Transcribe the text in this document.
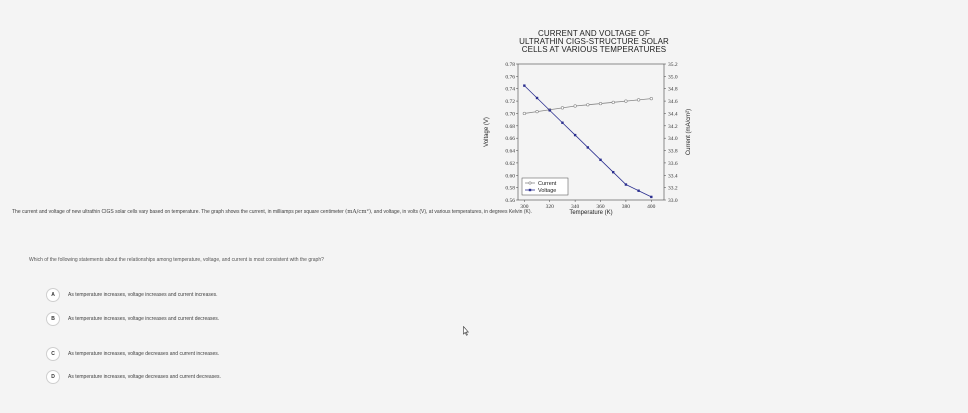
0.78
0.76
0.74
0.72
0.70
0.68
0.66
0.64
0.62
0.60
0.58
0.56
35.2
35.0
34.8
34.6
34.4
34.2
34.0
33.8
33.6
33.4
33.2
33.0
300	320	340	360	380	400
Temperature (K)
Voltage (V)	Current (mA/cm²)
Current
Voltage
CURRENT AND VOLTAGE OF
ULTRATHIN CIGS-STRUCTURE SOLAR
CELLS AT VARIOUS TEMPERATURES
The current and voltage of new ultrathin CIGS solar cells vary based on temperature. The graph shows the current, in milliamps per square centimeter (mA/cm²), and voltage, in volts (V), at various temperatures, in degrees Kelvin (K).
Which of the following statements about the relationships among temperature, voltage, and current is most consistent with the graph?
A	As temperature increases, voltage increases and current increases.
B	As temperature increases, voltage increases and current decreases.
C	As temperature increases, voltage decreases and current increases.
D	As temperature increases, voltage decreases and current decreases.
